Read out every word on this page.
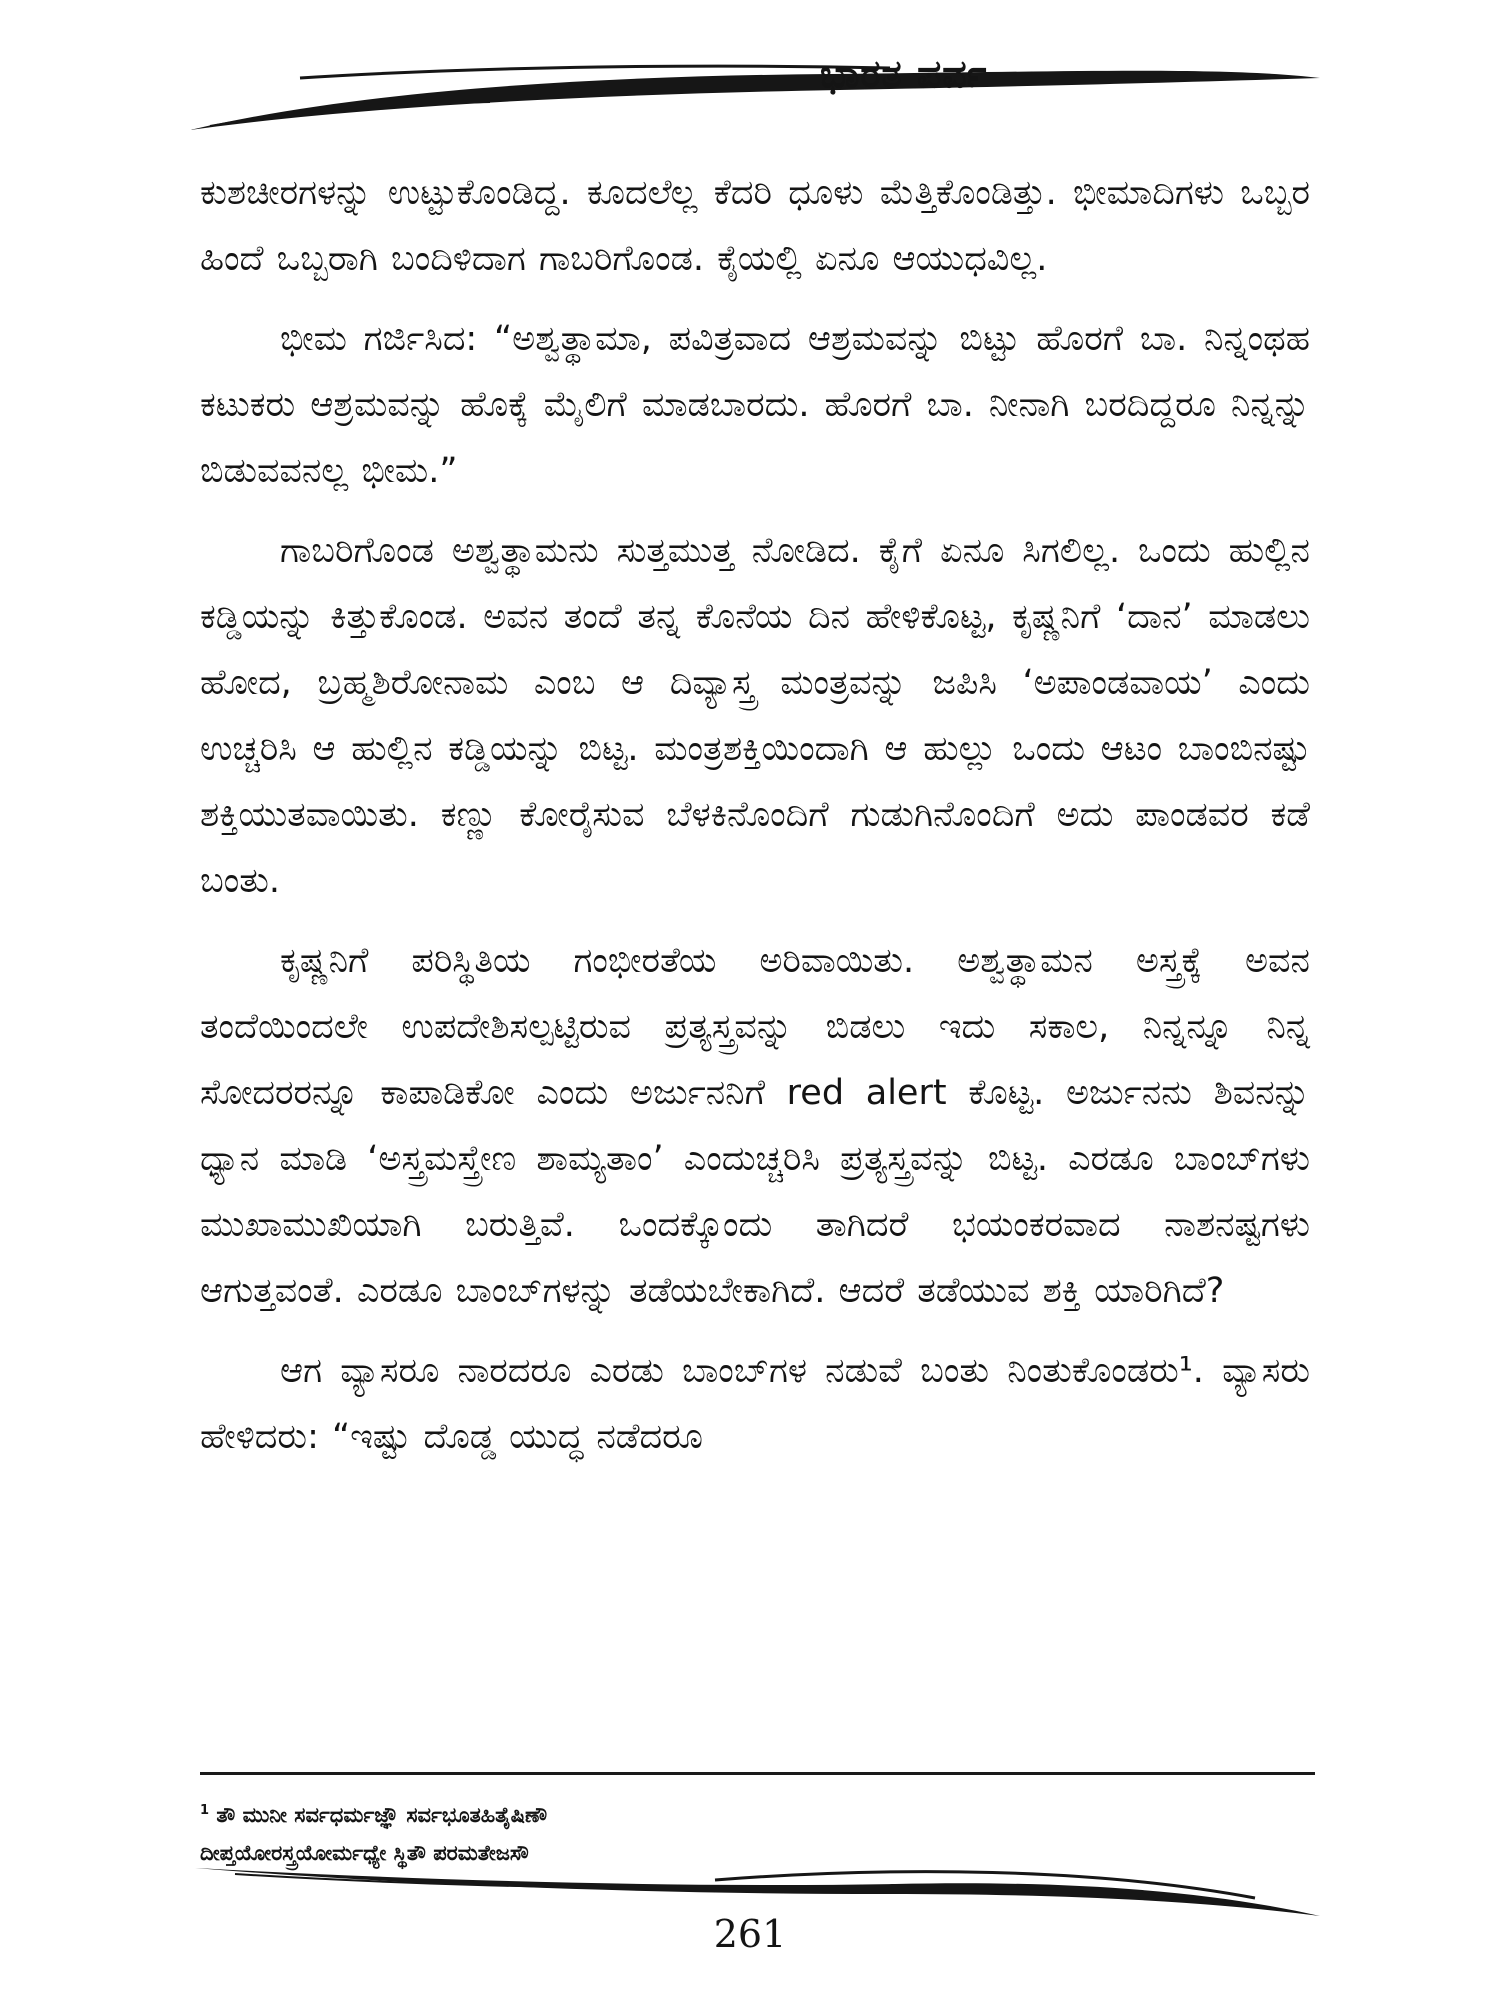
ಭಾರತ ಪರ್ವ

ಕುಶಚೀರಗಳನ್ನು ಉಟ್ಟುಕೊಂಡಿದ್ದ. ಕೂದಲೆಲ್ಲ ಕೆದರಿ ಧೂಳು ಮೆತ್ತಿಕೊಂಡಿತ್ತು. ಭೀಮಾದಿಗಳು ಒಬ್ಬರ ಹಿಂದೆ ಒಬ್ಬರಾಗಿ ಬಂದಿಳಿದಾಗ ಗಾಬರಿಗೊಂಡ. ಕೈಯಲ್ಲಿ ಏನೂ ಆಯುಧವಿಲ್ಲ.

ಭೀಮ ಗರ್ಜಿಸಿದ: “ಅಶ್ವತ್ಥಾಮಾ, ಪವಿತ್ರವಾದ ಆಶ್ರಮವನ್ನು ಬಿಟ್ಟು ಹೊರಗೆ ಬಾ. ನಿನ್ನಂಥಹ ಕಟುಕರು ಆಶ್ರಮವನ್ನು ಹೊಕ್ಕೆ ಮೈಲಿಗೆ ಮಾಡಬಾರದು. ಹೊರಗೆ ಬಾ. ನೀನಾಗಿ ಬರದಿದ್ದರೂ ನಿನ್ನನ್ನು ಬಿಡುವವನಲ್ಲ ಭೀಮ.”

ಗಾಬರಿಗೊಂಡ ಅಶ್ವತ್ಥಾಮನು ಸುತ್ತಮುತ್ತ ನೋಡಿದ. ಕೈಗೆ ಏನೂ ಸಿಗಲಿಲ್ಲ. ಒಂದು ಹುಲ್ಲಿನ ಕಡ್ಡಿಯನ್ನು ಕಿತ್ತುಕೊಂಡ. ಅವನ ತಂದೆ ತನ್ನ ಕೊನೆಯ ದಿನ ಹೇಳಿಕೊಟ್ಟ, ಕೃಷ್ಣನಿಗೆ ‘ದಾನ’ ಮಾಡಲು ಹೋದ, ಬ್ರಹ್ಮಶಿರೋನಾಮ ಎಂಬ ಆ ದಿವ್ಯಾಸ್ತ್ರ ಮಂತ್ರವನ್ನು ಜಪಿಸಿ ‘ಅಪಾಂಡವಾಯ’ ಎಂದು ಉಚ್ಚರಿಸಿ ಆ ಹುಲ್ಲಿನ ಕಡ್ಡಿಯನ್ನು ಬಿಟ್ಟ. ಮಂತ್ರಶಕ್ತಿಯಿಂದಾಗಿ ಆ ಹುಲ್ಲು ಒಂದು ಆಟಂ ಬಾಂಬಿನಷ್ಟು ಶಕ್ತಿಯುತವಾಯಿತು. ಕಣ್ಣು ಕೋರೈಸುವ ಬೆಳಕಿನೊಂದಿಗೆ ಗುಡುಗಿನೊಂದಿಗೆ ಅದು ಪಾಂಡವರ ಕಡೆ ಬಂತು.

ಕೃಷ್ಣನಿಗೆ ಪರಿಸ್ಥಿತಿಯ ಗಂಭೀರತೆಯ ಅರಿವಾಯಿತು. ಅಶ್ವತ್ಥಾಮನ ಅಸ್ತ್ರಕ್ಕೆ ಅವನ ತಂದೆಯಿಂದಲೇ ಉಪದೇಶಿಸಲ್ಪಟ್ಟಿರುವ ಪ್ರತ್ಯಸ್ತ್ರವನ್ನು ಬಿಡಲು ಇದು ಸಕಾಲ, ನಿನ್ನನ್ನೂ ನಿನ್ನ ಸೋದರರನ್ನೂ ಕಾಪಾಡಿಕೋ ಎಂದು ಅರ್ಜುನನಿಗೆ red alert ಕೊಟ್ಟ. ಅರ್ಜುನನು ಶಿವನನ್ನು ಧ್ಯಾನ ಮಾಡಿ ‘ಅಸ್ತ್ರಮಸ್ತ್ರೇಣ ಶಾಮ್ಯತಾಂ’ ಎಂದುಚ್ಚರಿಸಿ ಪ್ರತ್ಯಸ್ತ್ರವನ್ನು ಬಿಟ್ಟ. ಎರಡೂ ಬಾಂಬ್‌ಗಳು ಮುಖಾಮುಖಿಯಾಗಿ ಬರುತ್ತಿವೆ. ಒಂದಕ್ಕೊಂದು ತಾಗಿದರೆ ಭಯಂಕರವಾದ ನಾಶನಷ್ಟಗಳು ಆಗುತ್ತವಂತೆ. ಎರಡೂ ಬಾಂಬ್‌ಗಳನ್ನು ತಡೆಯಬೇಕಾಗಿದೆ. ಆದರೆ ತಡೆಯುವ ಶಕ್ತಿ ಯಾರಿಗಿದೆ?

ಆಗ ವ್ಯಾಸರೂ ನಾರದರೂ ಎರಡು ಬಾಂಬ್‌ಗಳ ನಡುವೆ ಬಂತು ನಿಂತುಕೊಂಡರು¹. ವ್ಯಾಸರು ಹೇಳಿದರು: “ಇಷ್ಟು ದೊಡ್ಡ ಯುದ್ಧ ನಡೆದರೂ

$^1$ ತೌ ಮುನೀ ಸರ್ವಧರ್ಮಜ್ಞೌ ಸರ್ವಭೂತಹಿತೈಷಿಣೌ
ದೀಪ್ತಯೋರಸ್ತ್ರಯೋರ್ಮಧ್ಯೇ ಸ್ಥಿತೌ ಪರಮತೇಜಸೌ
261
